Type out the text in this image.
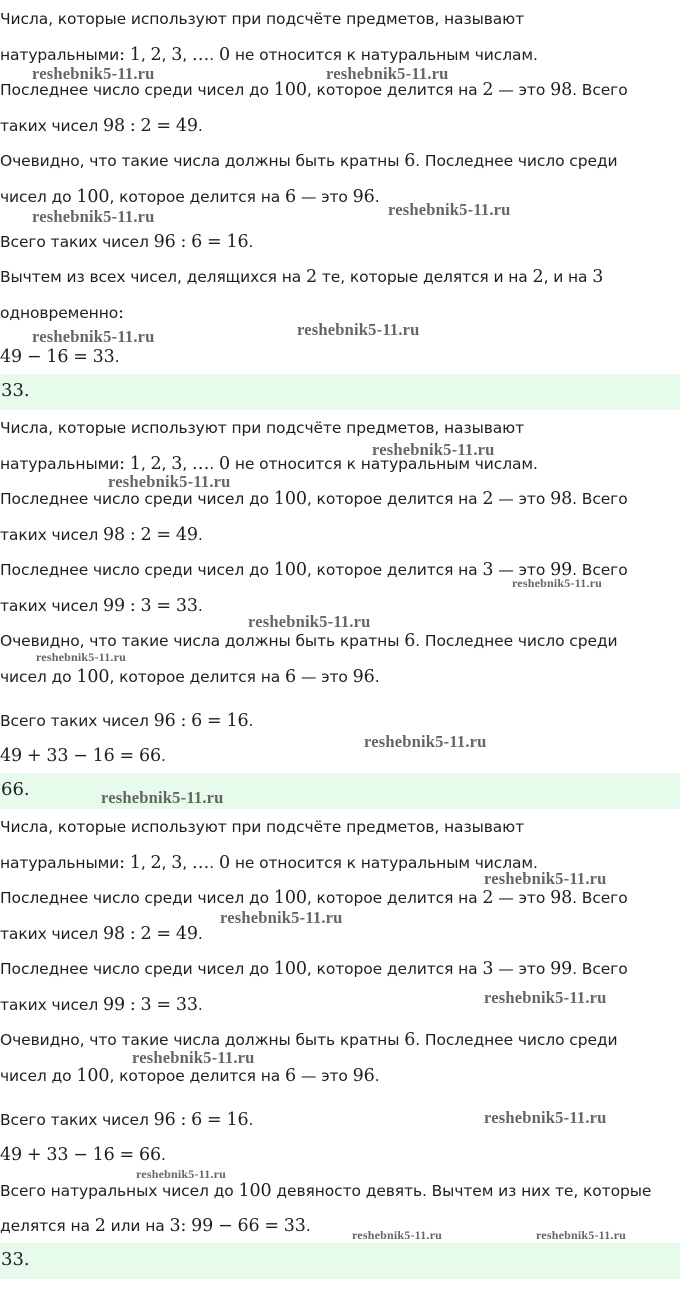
Числа, которые используют при подсчёте предметов, называют
натуральными: 1, 2, 3, …. 0 не относится к натуральным числам.
Последнее число среди чисел до 100, которое делится на 2 — это 98. Всего
таких чисел 98 : 2 = 49.
Очевидно, что такие числа должны быть кратны 6. Последнее число среди
чисел до 100, которое делится на 6 — это 96.
Всего таких чисел 96 : 6 = 16.
Вычтем из всех чисел, делящихся на 2 те, которые делятся и на 2, и на 3
одновременно:
49 − 16 = 33.
33.
Числа, которые используют при подсчёте предметов, называют
натуральными: 1, 2, 3, …. 0 не относится к натуральным числам.
Последнее число среди чисел до 100, которое делится на 2 — это 98. Всего
таких чисел 98 : 2 = 49.
Последнее число среди чисел до 100, которое делится на 3 — это 99. Всего
таких чисел 99 : 3 = 33.
Очевидно, что такие числа должны быть кратны 6. Последнее число среди
чисел до 100, которое делится на 6 — это 96.
Всего таких чисел 96 : 6 = 16.
49 + 33 − 16 = 66.
66.
Числа, которые используют при подсчёте предметов, называют
натуральными: 1, 2, 3, …. 0 не относится к натуральным числам.
Последнее число среди чисел до 100, которое делится на 2 — это 98. Всего
таких чисел 98 : 2 = 49.
Последнее число среди чисел до 100, которое делится на 3 — это 99. Всего
таких чисел 99 : 3 = 33.
Очевидно, что такие числа должны быть кратны 6. Последнее число среди
чисел до 100, которое делится на 6 — это 96.
Всего таких чисел 96 : 6 = 16.
49 + 33 − 16 = 66.
Всего натуральных чисел до 100 девяносто девять. Вычтем из них те, которые
делятся на 2 или на 3: 99 − 66 = 33.
33.
reshebnik5-11.ru	reshebnik5-11.ru
reshebnik5-11.ru	reshebnik5-11.ru
reshebnik5-11.ru	reshebnik5-11.ru
reshebnik5-11.ru
reshebnik5-11.ru
reshebnik5-11.ru
reshebnik5-11.ru
reshebnik5-11.ru
reshebnik5-11.ru
reshebnik5-11.ru
reshebnik5-11.ru
reshebnik5-11.ru
reshebnik5-11.ru
reshebnik5-11.ru
reshebnik5-11.ru
reshebnik5-11.ru
reshebnik5-11.ru	reshebnik5-11.ru
